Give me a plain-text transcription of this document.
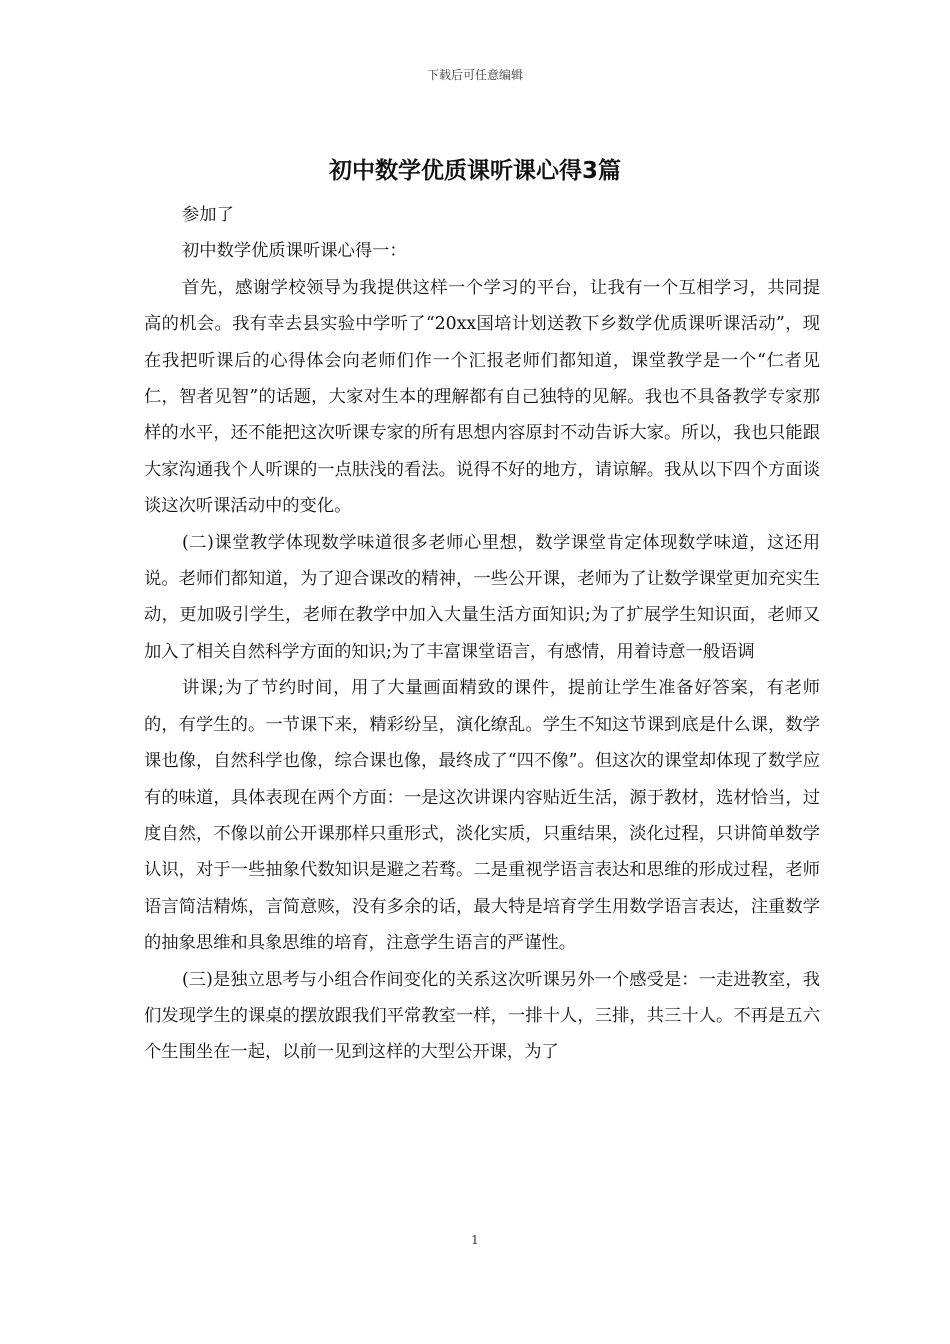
下载后可任意编辑
初中数学优质课听课心得3篇

参加了

初中数学优质课听课心得一：

首先，感谢学校领导为我提供这样一个学习的平台，让我有一个互相学习，共同提高的机会。我有幸去县实验中学听了“20xx国培计划送教下乡数学优质课听课活动”，现在我把听课后的心得体会向老师们作一个汇报老师们都知道，课堂教学是一个“仁者见仁，智者见智”的话题，大家对生本的理解都有自己独特的见解。我也不具备教学专家那样的水平，还不能把这次听课专家的所有思想内容原封不动告诉大家。所以，我也只能跟大家沟通我个人听课的一点肤浅的看法。说得不好的地方，请谅解。我从以下四个方面谈谈这次听课活动中的变化。

(二)课堂教学体现数学味道很多老师心里想，数学课堂肯定体现数学味道，这还用说。老师们都知道，为了迎合课改的精神，一些公开课，老师为了让数学课堂更加充实生动，更加吸引学生，老师在教学中加入大量生活方面知识;为了扩展学生知识面，老师又加入了相关自然科学方面的知识;为了丰富课堂语言，有感情，用着诗意一般语调

讲课;为了节约时间，用了大量画面精致的课件，提前让学生准备好答案，有老师的，有学生的。一节课下来，精彩纷呈，演化缭乱。学生不知这节课到底是什么课，数学课也像，自然科学也像，综合课也像，最终成了“四不像”。但这次的课堂却体现了数学应有的味道，具体表现在两个方面：一是这次讲课内容贴近生活，源于教材，选材恰当，过度自然，不像以前公开课那样只重形式，淡化实质，只重结果，淡化过程，只讲简单数学认识，对于一些抽象代数知识是避之若骛。二是重视学语言表达和思维的形成过程，老师语言简洁精炼，言简意赅，没有多余的话，最大特是培育学生用数学语言表达，注重数学的抽象思维和具象思维的培育，注意学生语言的严谨性。

(三)是独立思考与小组合作间变化的关系这次听课另外一个感受是：一走进教室，我们发现学生的课桌的摆放跟我们平常教室一样，一排十人，三排，共三十人。不再是五六个生围坐在一起，以前一见到这样的大型公开课，为了

1
